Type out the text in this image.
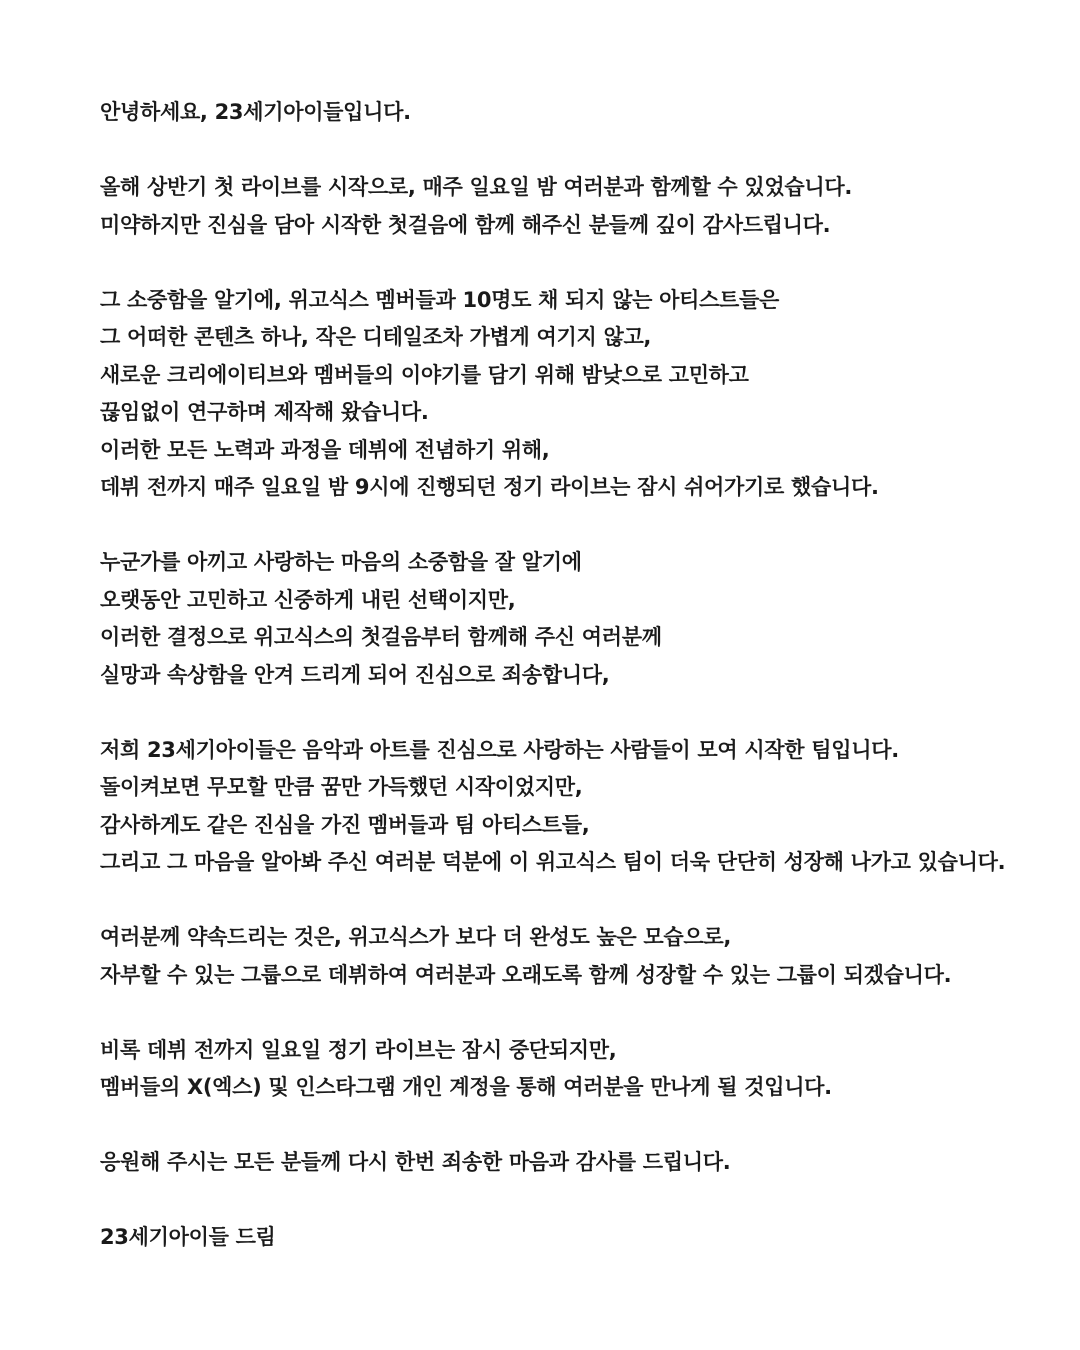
안녕하세요, 23세기아이들입니다.

올해 상반기 첫 라이브를 시작으로, 매주 일요일 밤 여러분과 함께할 수 있었습니다.
미약하지만 진심을 담아 시작한 첫걸음에 함께 해주신 분들께 깊이 감사드립니다.

그 소중함을 알기에, 위고식스 멤버들과 10명도 채 되지 않는 아티스트들은
그 어떠한 콘텐츠 하나, 작은 디테일조차 가볍게 여기지 않고,
새로운 크리에이티브와 멤버들의 이야기를 담기 위해 밤낮으로 고민하고
끊임없이 연구하며 제작해 왔습니다.
이러한 모든 노력과 과정을 데뷔에 전념하기 위해,
데뷔 전까지 매주 일요일 밤 9시에 진행되던 정기 라이브는 잠시 쉬어가기로 했습니다.

누군가를 아끼고 사랑하는 마음의 소중함을 잘 알기에
오랫동안 고민하고 신중하게 내린 선택이지만,
이러한 결정으로 위고식스의 첫걸음부터 함께해 주신 여러분께
실망과 속상함을 안겨 드리게 되어 진심으로 죄송합니다,

저희 23세기아이들은 음악과 아트를 진심으로 사랑하는 사람들이 모여 시작한 팀입니다.
돌이켜보면 무모할 만큼 꿈만 가득했던 시작이었지만,
감사하게도 같은 진심을 가진 멤버들과 팀 아티스트들,
그리고 그 마음을 알아봐 주신 여러분 덕분에 이 위고식스 팀이 더욱 단단히 성장해 나가고 있습니다.

여러분께 약속드리는 것은, 위고식스가 보다 더 완성도 높은 모습으로,
자부할 수 있는 그룹으로 데뷔하여 여러분과 오래도록 함께 성장할 수 있는 그룹이 되겠습니다.

비록 데뷔 전까지 일요일 정기 라이브는 잠시 중단되지만,
멤버들의 X(엑스) 및 인스타그램 개인 계정을 통해 여러분을 만나게 될 것입니다.

응원해 주시는 모든 분들께 다시 한번 죄송한 마음과 감사를 드립니다.

23세기아이들 드림
